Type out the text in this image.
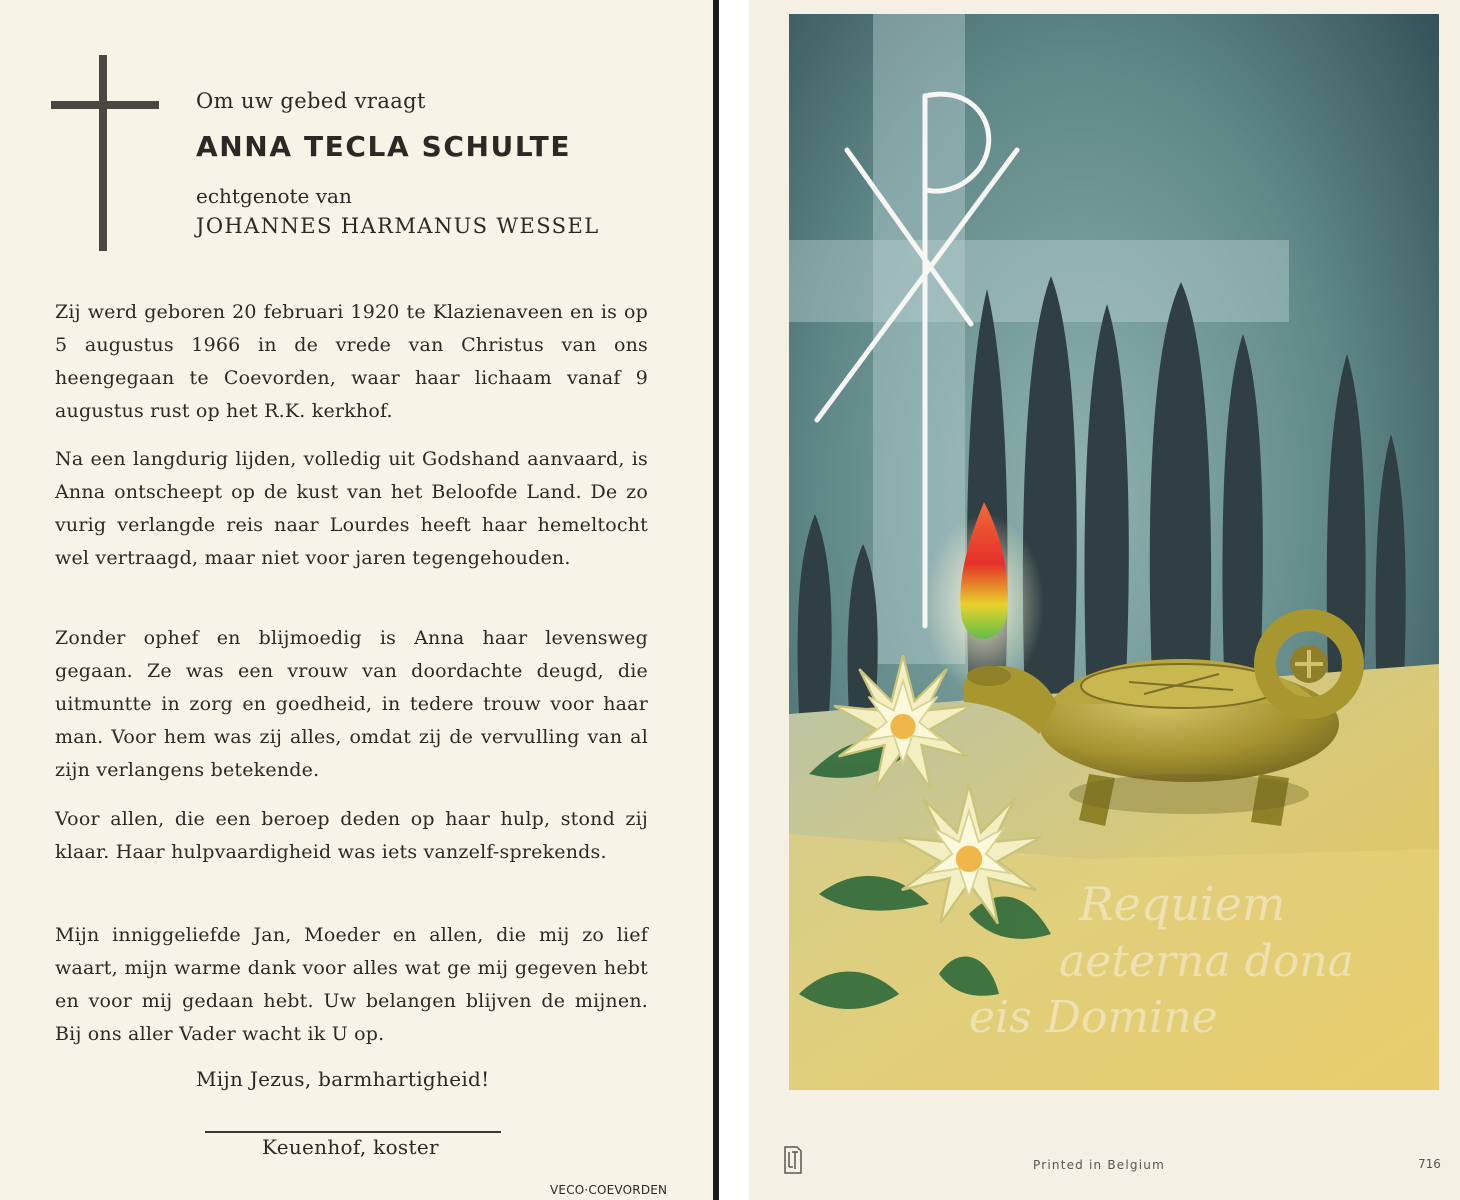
Om uw gebed vraagt
ANNA TECLA SCHULTE
echtgenote van
JOHANNES HARMANUS WESSEL

Zij werd geboren 20 februari 1920 te Klazienaveen en is op 5 augustus 1966 in de vrede van Christus van ons heengegaan te Coevorden, waar haar lichaam vanaf 9 augustus rust op het R.K. kerkhof.

Na een langdurig lijden, volledig uit Godshand aanvaard, is Anna ontscheept op de kust van het Beloofde Land. De zo vurig verlangde reis naar Lourdes heeft haar hemeltocht wel vertraagd, maar niet voor jaren tegengehouden.

Zonder ophef en blijmoedig is Anna haar levensweg gegaan. Ze was een vrouw van doordachte deugd, die uitmuntte in zorg en goedheid, in tedere trouw voor haar man. Voor hem was zij alles, omdat zij de vervulling van al zijn verlangens betekende.

Voor allen, die een beroep deden op haar hulp, stond zij klaar. Haar hulpvaardigheid was iets vanzelf-sprekends.

Mijn inniggeliefde Jan, Moeder en allen, die mij zo lief waart, mijn warme dank voor alles wat ge mij gegeven hebt en voor mij gedaan hebt. Uw belangen blijven de mijnen. Bij ons aller Vader wacht ik U op.

Mijn Jezus, barmhartigheid!
Keuenhof, koster
VECO·COEVORDEN
Requiem
aeterna dona
eis Domine
Printed in Belgium	716
